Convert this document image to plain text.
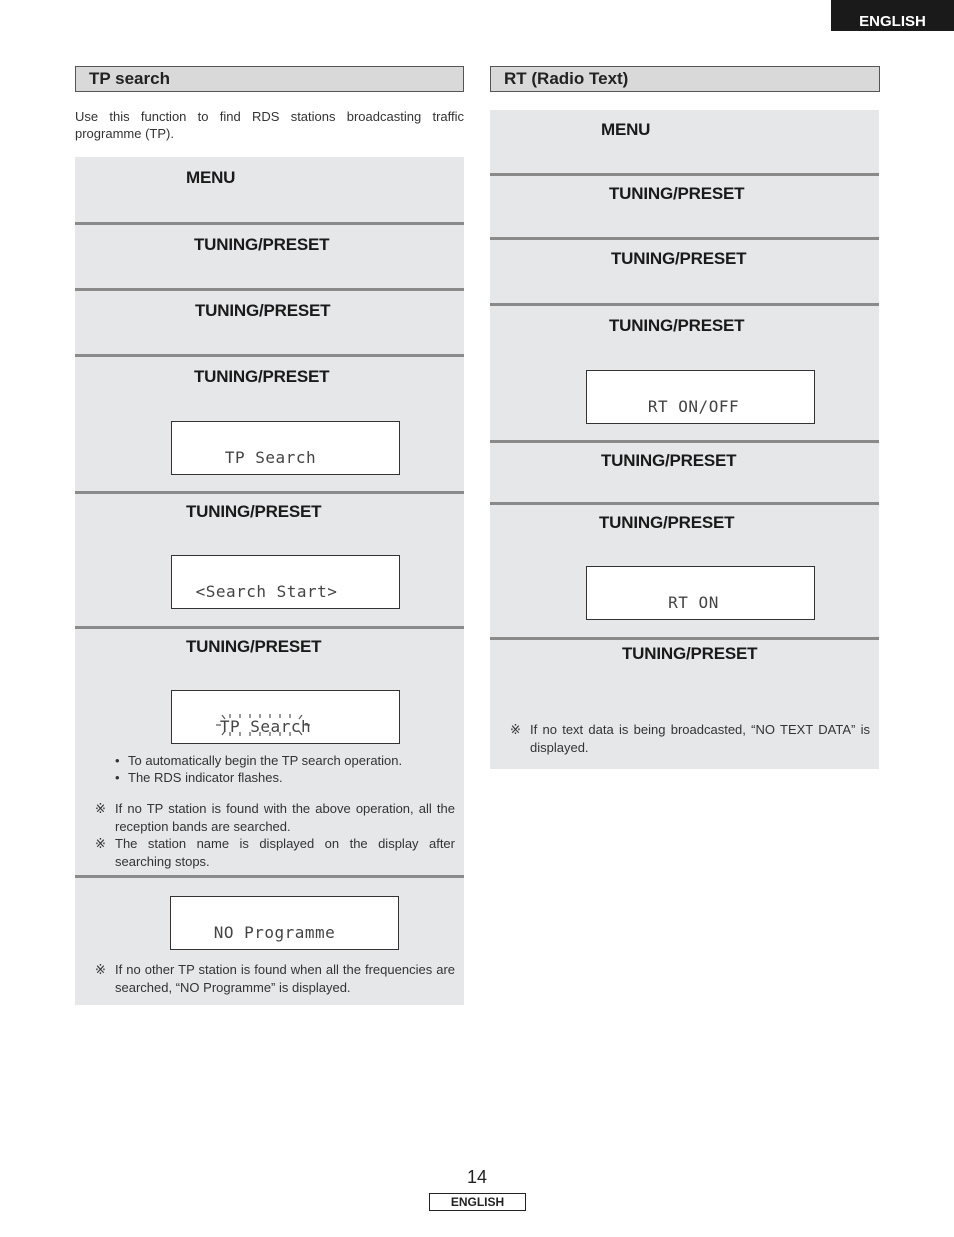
ENGLISH
TP search
Use this function to find RDS stations broadcasting traffic programme (TP).
MENU
TUNING/PRESET
TUNING/PRESET
TUNING/PRESET
TP Search
TUNING/PRESET
<Search Start>
TUNING/PRESET
TP Search
• To automatically begin the TP search operation.
• The RDS indicator flashes.
※ If no TP station is found with the above operation, all the reception bands are searched.
※ The station name is displayed on the display after searching stops.
NO Programme
※ If no other TP station is found when all the frequencies are searched, “NO Programme” is displayed.
RT (Radio Text)
MENU
TUNING/PRESET
TUNING/PRESET
TUNING/PRESET
RT ON/OFF
TUNING/PRESET
TUNING/PRESET
RT ON
TUNING/PRESET
※ If no text data is being broadcasted, “NO TEXT DATA” is displayed.
14
ENGLISH
